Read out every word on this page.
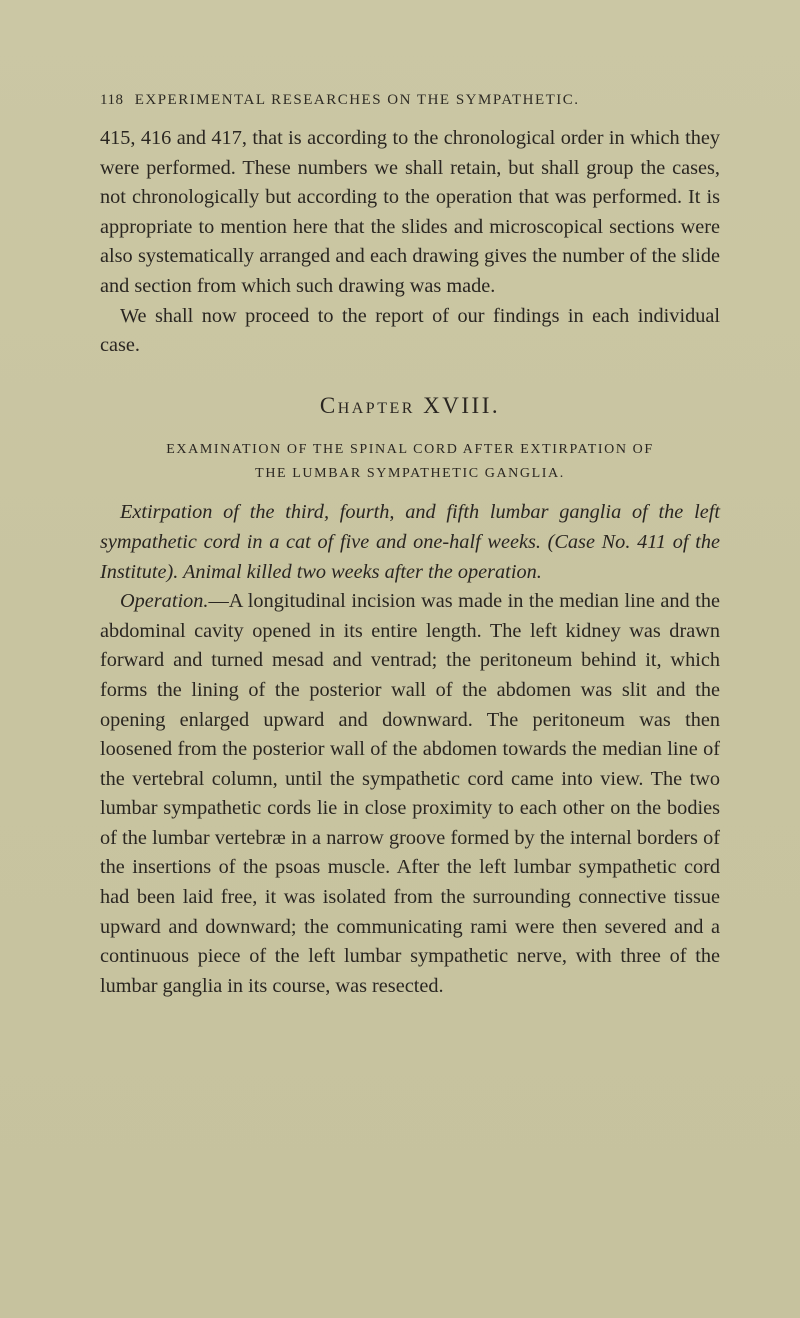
118 EXPERIMENTAL RESEARCHES ON THE SYMPATHETIC.

415, 416 and 417, that is according to the chronological order in which they were performed. These numbers we shall retain, but shall group the cases, not chronologically but according to the operation that was performed. It is appropriate to mention here that the slides and microscopical sections were also systematically arranged and each drawing gives the number of the slide and section from which such drawing was made.

We shall now proceed to the report of our findings in each individual case.

Chapter XVIII.
EXAMINATION OF THE SPINAL CORD AFTER EXTIRPATION OF
THE LUMBAR SYMPATHETIC GANGLIA.

Extirpation of the third, fourth, and fifth lumbar ganglia of the left sympathetic cord in a cat of five and one-half weeks. (Case No. 411 of the Institute). Animal killed two weeks after the operation.

Operation.—A longitudinal incision was made in the median line and the abdominal cavity opened in its entire length. The left kidney was drawn forward and turned mesad and ventrad; the peritoneum behind it, which forms the lining of the posterior wall of the abdomen was slit and the opening enlarged upward and downward. The peritoneum was then loosened from the posterior wall of the abdomen towards the median line of the vertebral column, until the sympathetic cord came into view. The two lumbar sympathetic cords lie in close proximity to each other on the bodies of the lumbar vertebræ in a narrow groove formed by the internal borders of the insertions of the psoas muscle. After the left lumbar sympathetic cord had been laid free, it was isolated from the surrounding connective tissue upward and downward; the communicating rami were then severed and a continuous piece of the left lumbar sympathetic nerve, with three of the lumbar ganglia in its course, was resected.
